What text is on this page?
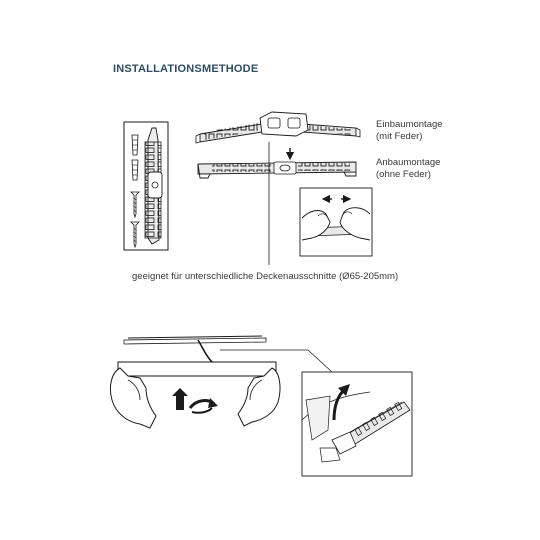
INSTALLATIONSMETHODE
Einbaumontage
(mit Feder)
Anbaumontage
(ohne Feder)
geeignet für unterschiedliche Deckenausschnitte (Ø65-205mm)
